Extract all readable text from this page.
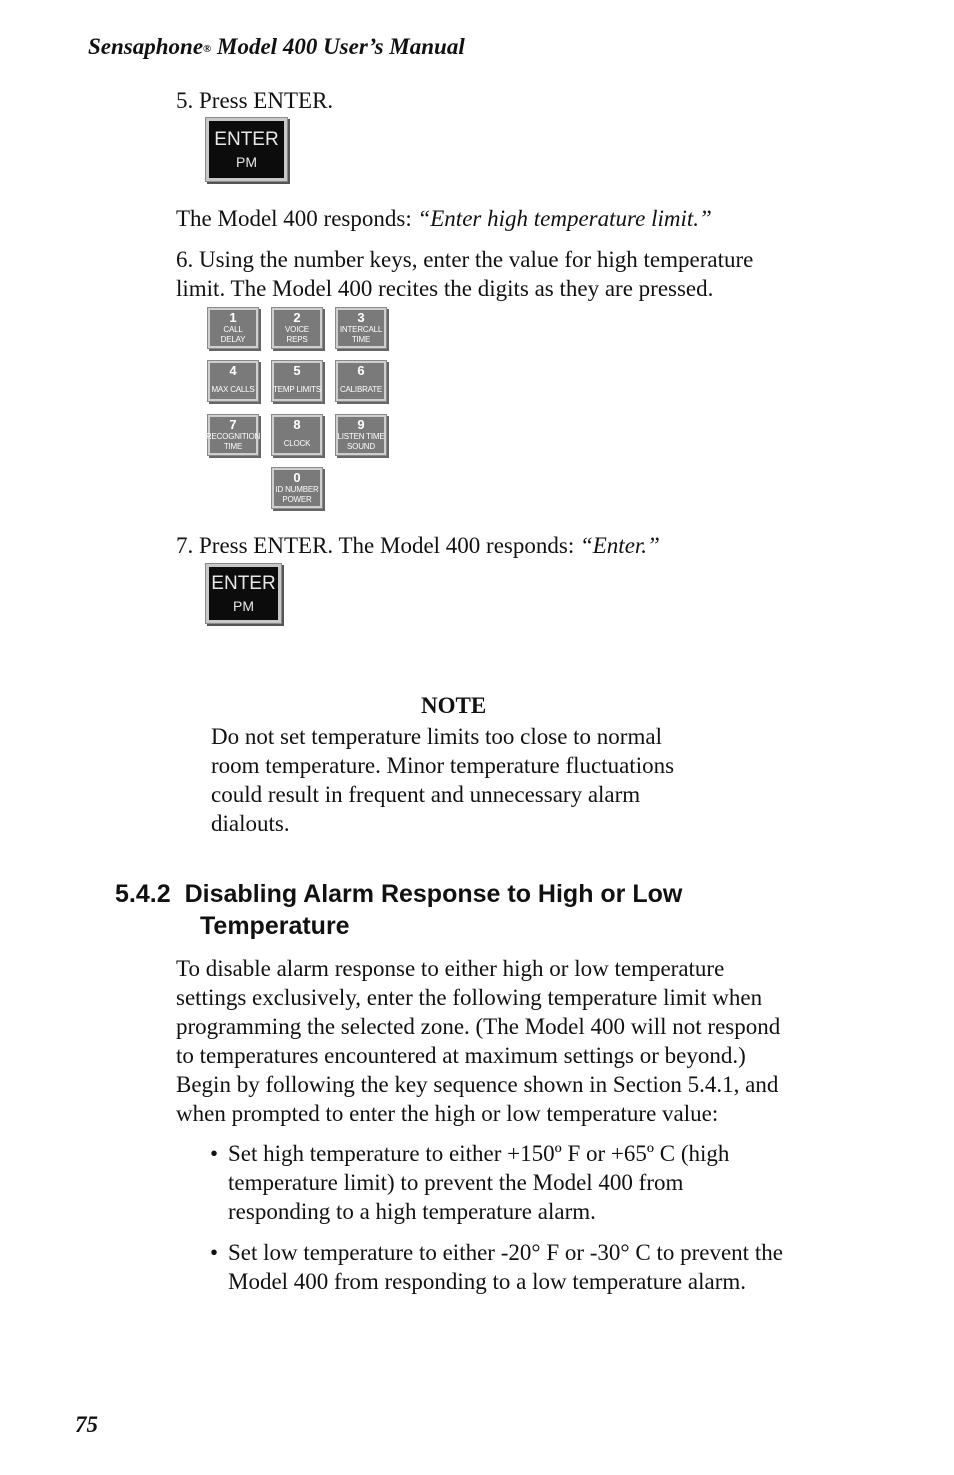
Sensaphone® Model 400 User’s Manual
5. Press ENTER.
ENTER
PM
The Model 400 responds: “Enter high temperature limit.”
6. Using the number keys, enter the value for high temperature
limit. The Model 400 recites the digits as they are pressed.
1
CALL
DELAY
2
VOICE
REPS
3
INTERCALL
TIME
4
MAX CALLS
5
TEMP LIMITS
6
CALIBRATE
7
RECOGNITION
TIME
8
CLOCK
9
LISTEN TIME
SOUND
0
ID NUMBER
POWER
7. Press ENTER. The Model 400 responds: “Enter.”
ENTER
PM
NOTE
Do not set temperature limits too close to normal
room temperature. Minor temperature fluctuations
could result in frequent and unnecessary alarm
dialouts.
5.4.2 Disabling Alarm Response to High or Low
Temperature
To disable alarm response to either high or low temperature
settings exclusively, enter the following temperature limit when
programming the selected zone. (The Model 400 will not respond
to temperatures encountered at maximum settings or beyond.)
Begin by following the key sequence shown in Section 5.4.1, and
when prompted to enter the high or low temperature value:
• Set high temperature to either +150º F or +65º C (high
temperature limit) to prevent the Model 400 from
responding to a high temperature alarm.
• Set low temperature to either -20° F or -30° C to prevent the
Model 400 from responding to a low temperature alarm.
75
